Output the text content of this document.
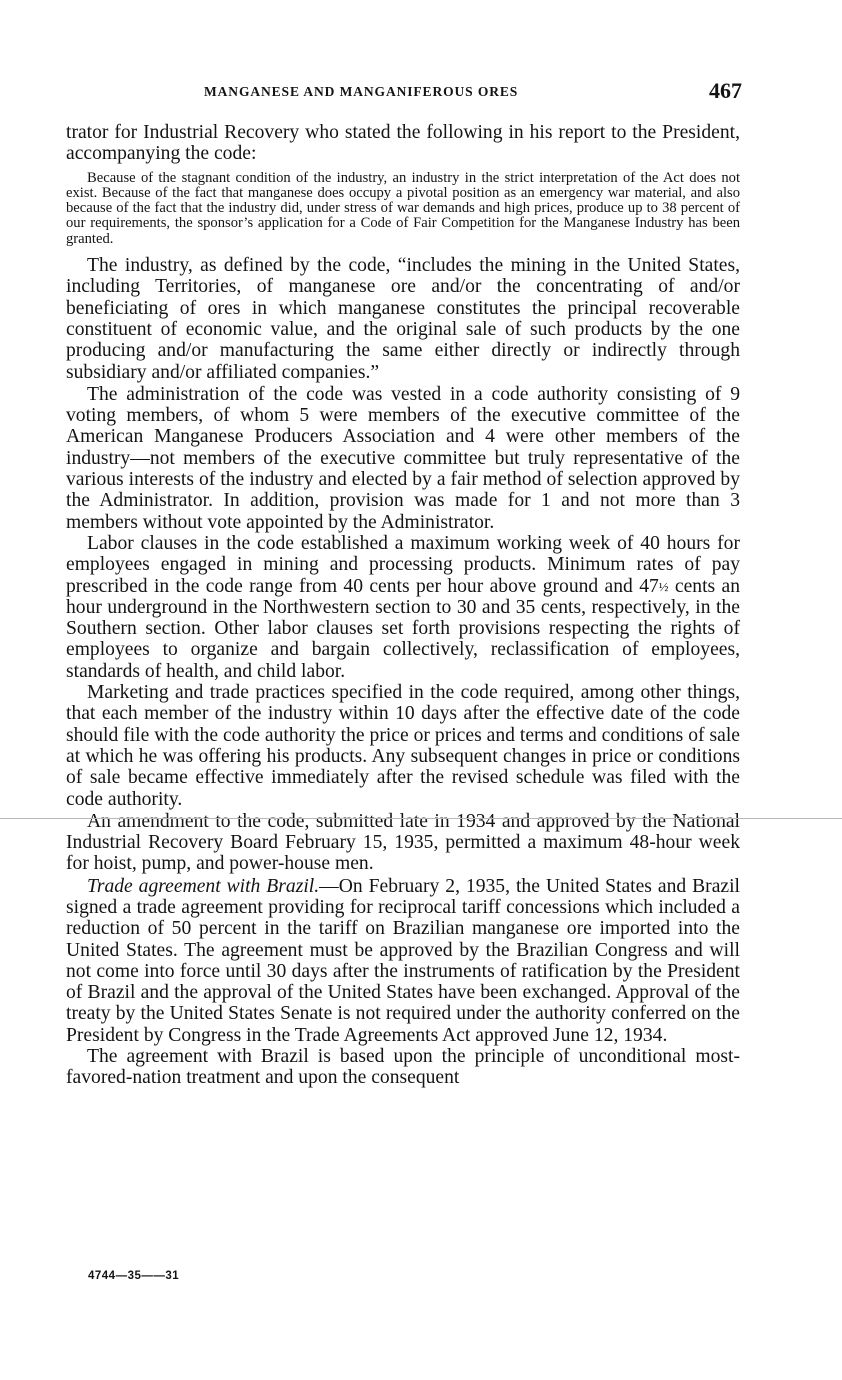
MANGANESE AND MANGANIFEROUS ORES	467

trator for Industrial Recovery who stated the following in his report to the President, accompanying the code:

Because of the stagnant condition of the industry, an industry in the strict interpretation of the Act does not exist. Because of the fact that manganese does occupy a pivotal position as an emergency war material, and also because of the fact that the industry did, under stress of war demands and high prices, produce up to 38 percent of our requirements, the sponsor’s application for a Code of Fair Competition for the Manganese Industry has been granted.

The industry, as defined by the code, “includes the mining in the United States, including Territories, of manganese ore and/or the concentrating of and/or beneficiating of ores in which manganese constitutes the principal recoverable constituent of economic value, and the original sale of such products by the one producing and/or manufacturing the same either directly or indirectly through subsidiary and/or affiliated companies.”

The administration of the code was vested in a code authority consisting of 9 voting members, of whom 5 were members of the executive committee of the American Manganese Producers Association and 4 were other members of the industry—not members of the executive committee but truly representative of the various interests of the industry and elected by a fair method of selection approved by the Administrator. In addition, provision was made for 1 and not more than 3 members without vote appointed by the Administrator.

Labor clauses in the code established a maximum working week of 40 hours for employees engaged in mining and processing products. Minimum rates of pay prescribed in the code range from 40 cents per hour above ground and 47½ cents an hour underground in the Northwestern section to 30 and 35 cents, respectively, in the Southern section. Other labor clauses set forth provisions respecting the rights of employees to organize and bargain collectively, reclassification of employees, standards of health, and child labor.

Marketing and trade practices specified in the code required, among other things, that each member of the industry within 10 days after the effective date of the code should file with the code authority the price or prices and terms and conditions of sale at which he was offering his products. Any subsequent changes in price or conditions of sale became effective immediately after the revised schedule was filed with the code authority.

An amendment to the code, submitted late in 1934 and approved by the National Industrial Recovery Board February 15, 1935, permitted a maximum 48-hour week for hoist, pump, and power-house men.

Trade agreement with Brazil.—On February 2, 1935, the United States and Brazil signed a trade agreement providing for reciprocal tariff concessions which included a reduction of 50 percent in the tariff on Brazilian manganese ore imported into the United States. The agreement must be approved by the Brazilian Congress and will not come into force until 30 days after the instruments of ratification by the President of Brazil and the approval of the United States have been exchanged. Approval of the treaty by the United States Senate is not required under the authority conferred on the President by Congress in the Trade Agreements Act approved June 12, 1934.

The agreement with Brazil is based upon the principle of unconditional most-favored-nation treatment and upon the consequent

4744—35——31
